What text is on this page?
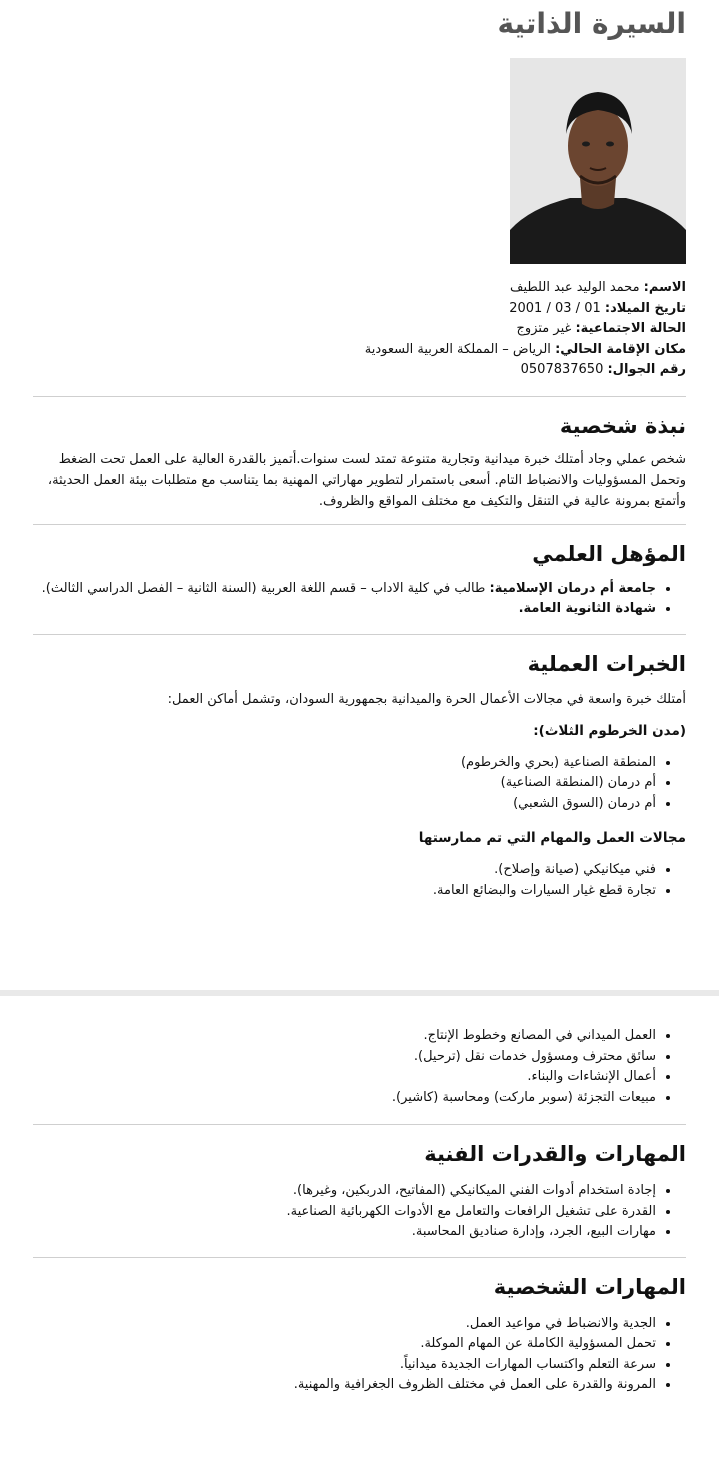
السيرة الذاتية
الاسم: محمد الوليد عبد اللطيف
تاريخ الميلاد: 01 / 03 / 2001
الحالة الاجتماعية: غير متزوج
مكان الإقامة الحالي: الرياض – المملكة العربية السعودية
رقم الجوال: 0507837650
نبذة شخصية

شخص عملي وجاد أمتلك خبرة ميدانية وتجارية متنوعة تمتد لست سنوات.أتميز بالقدرة العالية على العمل تحت الضغط وتحمل المسؤوليات والانضباط التام. أسعى باستمرار لتطوير مهاراتي المهنية بما يتناسب مع متطلبات بيئة العمل الحديثة، وأتمتع بمرونة عالية في التنقل والتكيف مع مختلف المواقع والظروف.

المؤهل العلمي
• جامعة أم درمان الإسلامية: طالب في كلية الاداب – قسم اللغة العربية (السنة الثانية – الفصل الدراسي الثالث).
• شهادة الثانوية العامة.
الخبرات العملية

أمتلك خبرة واسعة في مجالات الأعمال الحرة والميدانية بجمهورية السودان، وتشمل أماكن العمل:

(مدن الخرطوم الثلاث):

• المنطقة الصناعية (بحري والخرطوم)
• أم درمان (المنطقة الصناعية)
• أم درمان (السوق الشعبي)

مجالات العمل والمهام التي تم ممارستها

• فني ميكانيكي (صيانة وإصلاح).
• تجارة قطع غيار السيارات والبضائع العامة.
• العمل الميداني في المصانع وخطوط الإنتاج.
• سائق محترف ومسؤول خدمات نقل (ترحيل).
• أعمال الإنشاءات والبناء.
• مبيعات التجزئة (سوبر ماركت) ومحاسبة (كاشير).
المهارات والقدرات الفنية
• إجادة استخدام أدوات الفني الميكانيكي (المفاتيح، الدربكين، وغيرها).
• القدرة على تشغيل الرافعات والتعامل مع الأدوات الكهربائية الصناعية.
• مهارات البيع، الجرد، وإدارة صناديق المحاسبة.
المهارات الشخصية
• الجدية والانضباط في مواعيد العمل.
• تحمل المسؤولية الكاملة عن المهام الموكلة.
• سرعة التعلم واكتساب المهارات الجديدة ميدانياً.
• المرونة والقدرة على العمل في مختلف الظروف الجغرافية والمهنية.
